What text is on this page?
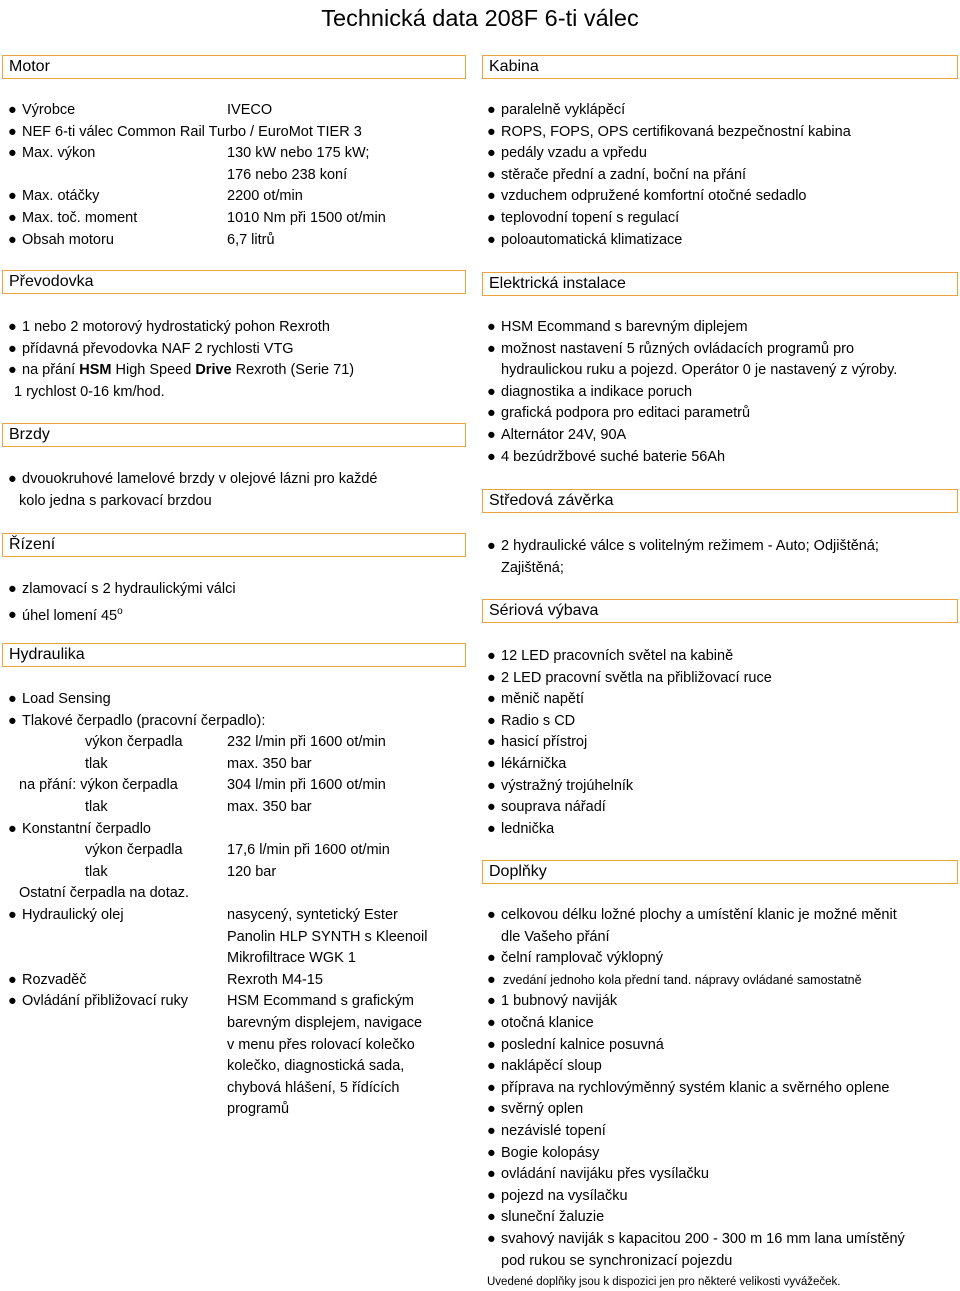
Technická data 208F 6-ti válec
Motor
● Výrobce	IVECO
● NEF 6-ti válec Common Rail Turbo / EuroMot TIER 3
● Max. výkon	130 kW nebo 175 kW;
176 nebo 238 koní
● Max. otáčky	2200 ot/min
● Max. toč. moment	1010 Nm při 1500 ot/min
● Obsah motoru	6,7 litrů
Převodovka
● 1 nebo 2 motorový hydrostatický pohon Rexroth
● přídavná převodovka NAF 2 rychlosti VTG
● na přání HSM High Speed Drive Rexroth (Serie 71)
1 rychlost 0-16 km/hod.
Brzdy
● dvouokruhové lamelové brzdy v olejové lázni pro každé
kolo jedna s parkovací brzdou
Řízení
● zlamovací s 2 hydraulickými válci
● úhel lomení 45$^o$
Hydraulika
● Load Sensing
● Tlakové čerpadlo (pracovní čerpadlo):
výkon čerpadla	232 l/min při 1600 ot/min
tlak	max. 350 bar
na přání: výkon čerpadla	304 l/min při 1600 ot/min
tlak	max. 350 bar
● Konstantní čerpadlo
výkon čerpadla	17,6 l/min při 1600 ot/min
tlak	120 bar
Ostatní čerpadla na dotaz.
● Hydraulický olej	nasycený, syntetický Ester
Panolin HLP SYNTH s Kleenoil
Mikrofiltrace WGK 1
● Rozvaděč	Rexroth M4-15
● Ovládání přibližovací ruky	HSM Ecommand s grafickým
barevným displejem, navigace
v menu přes rolovací kolečko
kolečko, diagnostická sada,
chybová hlášení, 5 řídících
programů
Kabina
● paralelně vyklápěcí
● ROPS, FOPS, OPS certifikovaná bezpečnostní kabina
● pedály vzadu a vpředu
● stěrače přední a zadní, boční na přání
● vzduchem odpružené komfortní otočné sedadlo
● teplovodní topení s regulací
● poloautomatická klimatizace
Elektrická instalace
● HSM Ecommand s barevným diplejem
● možnost nastavení 5 různých ovládacích programů pro
hydraulickou ruku a pojezd. Operátor 0 je nastavený z výroby.
● diagnostika a indikace poruch
● grafická podpora pro editaci parametrů
● Alternátor 24V, 90A
● 4 bezúdržbové suché baterie 56Ah
Středová závěrka
● 2 hydraulické válce s volitelným režimem - Auto; Odjištěná;
Zajištěná;
Sériová výbava
● 12 LED pracovních světel na kabině
● 2 LED pracovní světla na přibližovací ruce
● měnič napětí
● Radio s CD
● hasicí přístroj
● lékárnička
● výstražný trojúhelník
● souprava nářadí
● lednička
Doplňky
● celkovou délku ložné plochy a umístění klanic je možné měnit
dle Vašeho přání
● čelní ramplovač výklopný
● zvedání jednoho kola přední tand. nápravy ovládané samostatně
● 1 bubnový naviják
● otočná klanice
● poslední kalnice posuvná
● naklápěcí sloup
● příprava na rychlovýměnný systém klanic a svěrného oplene
● svěrný oplen
● nezávislé topení
● Bogie kolopásy
● ovládání navijáku přes vysílačku
● pojezd na vysílačku
● sluneční žaluzie
● svahový naviják s kapacitou 200 - 300 m 16 mm lana umístěný
pod rukou se synchronizací pojezdu
Uvedené doplňky jsou k dispozici jen pro některé velikosti vyvážeček.
